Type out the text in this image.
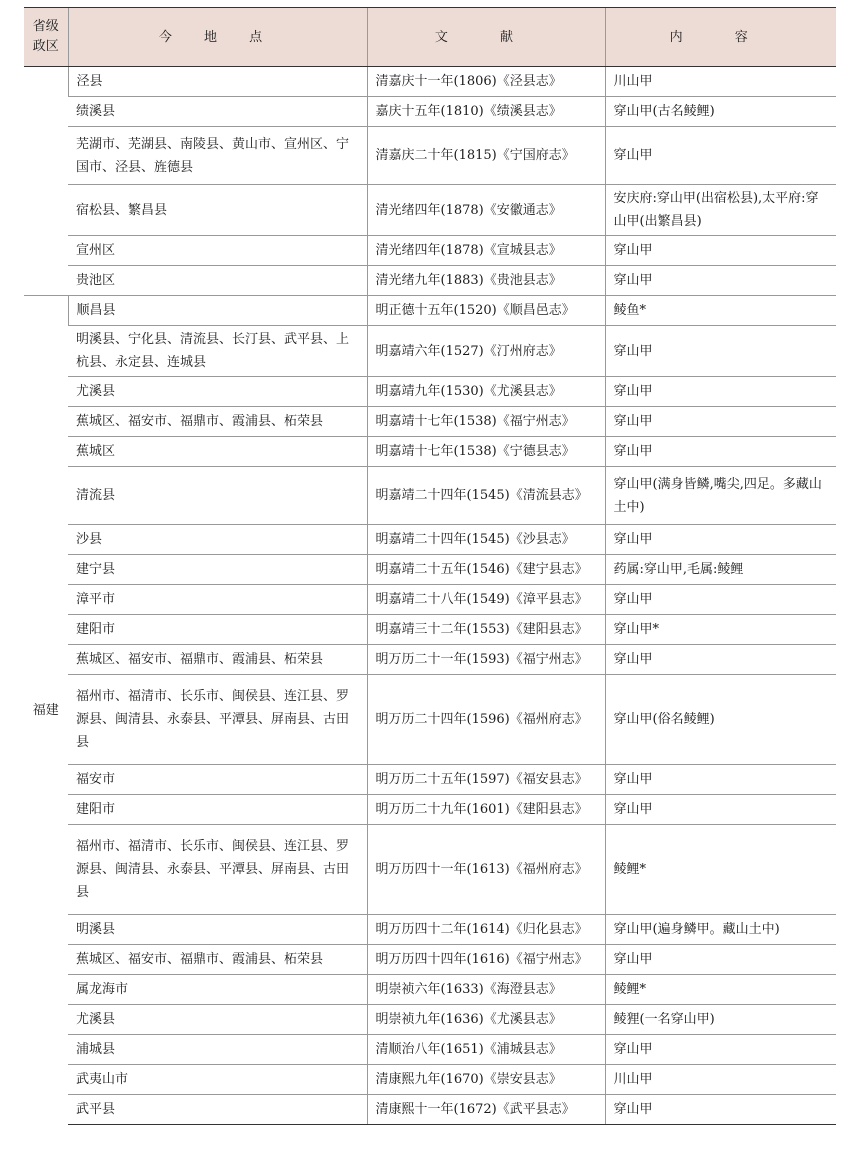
省级
政区	今 地 点	文 献	内 容
	泾县	清嘉庆十一年(1806)《泾县志》	川山甲
	绩溪县	嘉庆十五年(1810)《绩溪县志》	穿山甲(古名鲮鲤)
	芜湖市、芜湖县、南陵县、黄山市、宣州区、宁国市、泾县、旌德县	清嘉庆二十年(1815)《宁国府志》	穿山甲
	宿松县、繁昌县	清光绪四年(1878)《安徽通志》	安庆府:穿山甲(出宿松县),太平府:穿山甲(出繁昌县)
	宣州区	清光绪四年(1878)《宣城县志》	穿山甲
	贵池区	清光绪九年(1883)《贵池县志》	穿山甲
福建	顺昌县	明正德十五年(1520)《顺昌邑志》	鲮鱼*
	明溪县、宁化县、清流县、长汀县、武平县、上杭县、永定县、连城县	明嘉靖六年(1527)《汀州府志》	穿山甲
	尤溪县	明嘉靖九年(1530)《尤溪县志》	穿山甲
	蕉城区、福安市、福鼎市、霞浦县、柘荣县	明嘉靖十七年(1538)《福宁州志》	穿山甲
	蕉城区	明嘉靖十七年(1538)《宁德县志》	穿山甲
	清流县	明嘉靖二十四年(1545)《清流县志》	穿山甲(满身皆鳞,嘴尖,四足。多藏山土中)
	沙县	明嘉靖二十四年(1545)《沙县志》	穿山甲
	建宁县	明嘉靖二十五年(1546)《建宁县志》	药属:穿山甲,毛属:鲮鲤
	漳平市	明嘉靖二十八年(1549)《漳平县志》	穿山甲
	建阳市	明嘉靖三十二年(1553)《建阳县志》	穿山甲*
	蕉城区、福安市、福鼎市、霞浦县、柘荣县	明万历二十一年(1593)《福宁州志》	穿山甲
	福州市、福清市、长乐市、闽侯县、连江县、罗源县、闽清县、永泰县、平潭县、屏南县、古田县	明万历二十四年(1596)《福州府志》	穿山甲(俗名鲮鲤)
	福安市	明万历二十五年(1597)《福安县志》	穿山甲
	建阳市	明万历二十九年(1601)《建阳县志》	穿山甲
	福州市、福清市、长乐市、闽侯县、连江县、罗源县、闽清县、永泰县、平潭县、屏南县、古田县	明万历四十一年(1613)《福州府志》	鲮鲤*
	明溪县	明万历四十二年(1614)《归化县志》	穿山甲(遍身鳞甲。藏山土中)
	蕉城区、福安市、福鼎市、霞浦县、柘荣县	明万历四十四年(1616)《福宁州志》	穿山甲
	属龙海市	明崇祯六年(1633)《海澄县志》	鲮鲤*
	尤溪县	明崇祯九年(1636)《尤溪县志》	鲮狸(一名穿山甲)
	浦城县	清顺治八年(1651)《浦城县志》	穿山甲
	武夷山市	清康熙九年(1670)《崇安县志》	川山甲
	武平县	清康熙十一年(1672)《武平县志》	穿山甲
